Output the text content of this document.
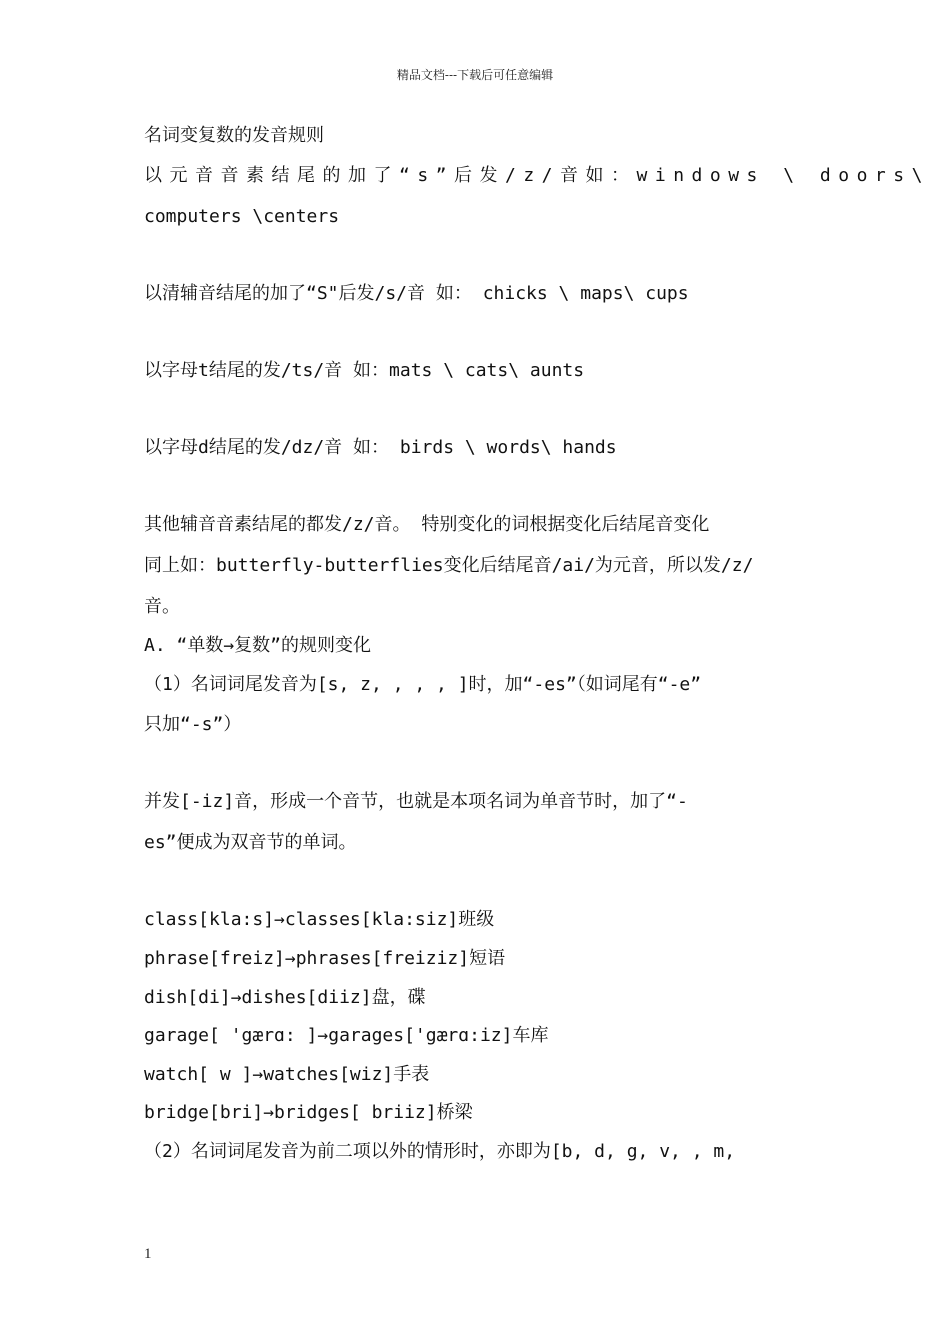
精品文档---下载后可任意编辑
名词变复数的发音规则
以元音音素结尾的加了“s”后发/z/音如：windows \ doors\
computers \centers
以清辅音结尾的加了“S"后发/s/音 如： chicks \ maps\ cups
以字母t结尾的发/ts/音 如：mats \ cats\ aunts
以字母d结尾的发/dz/音 如： birds \ words\ hands
其他辅音音素结尾的都发/z/音。 特别变化的词根据变化后结尾音变化
同上如：butterfly-butterflies变化后结尾音/ai/为元音，所以发/z/
音。
A. “单数→复数”的规则变化
（1）名词词尾发音为[s, z, , , , ]时，加“-es”（如词尾有“-e”
只加“-s”）
并发[-iz]音，形成一个音节，也就是本项名词为单音节时，加了“-
es”便成为双音节的单词。
class[kla:s]→classes[kla:siz]班级
phrase[freiz]→phrases[freiziz]短语
dish[di]→dishes[diiz]盘，碟
garage[ 'gærɑ: ]→garages['gærɑ:iz]车库
watch[ w ]→watches[wiz]手表
bridge[bri]→bridges[ briiz]桥梁
（2）名词词尾发音为前二项以外的情形时，亦即为[b, d, g, v, , m,
1
